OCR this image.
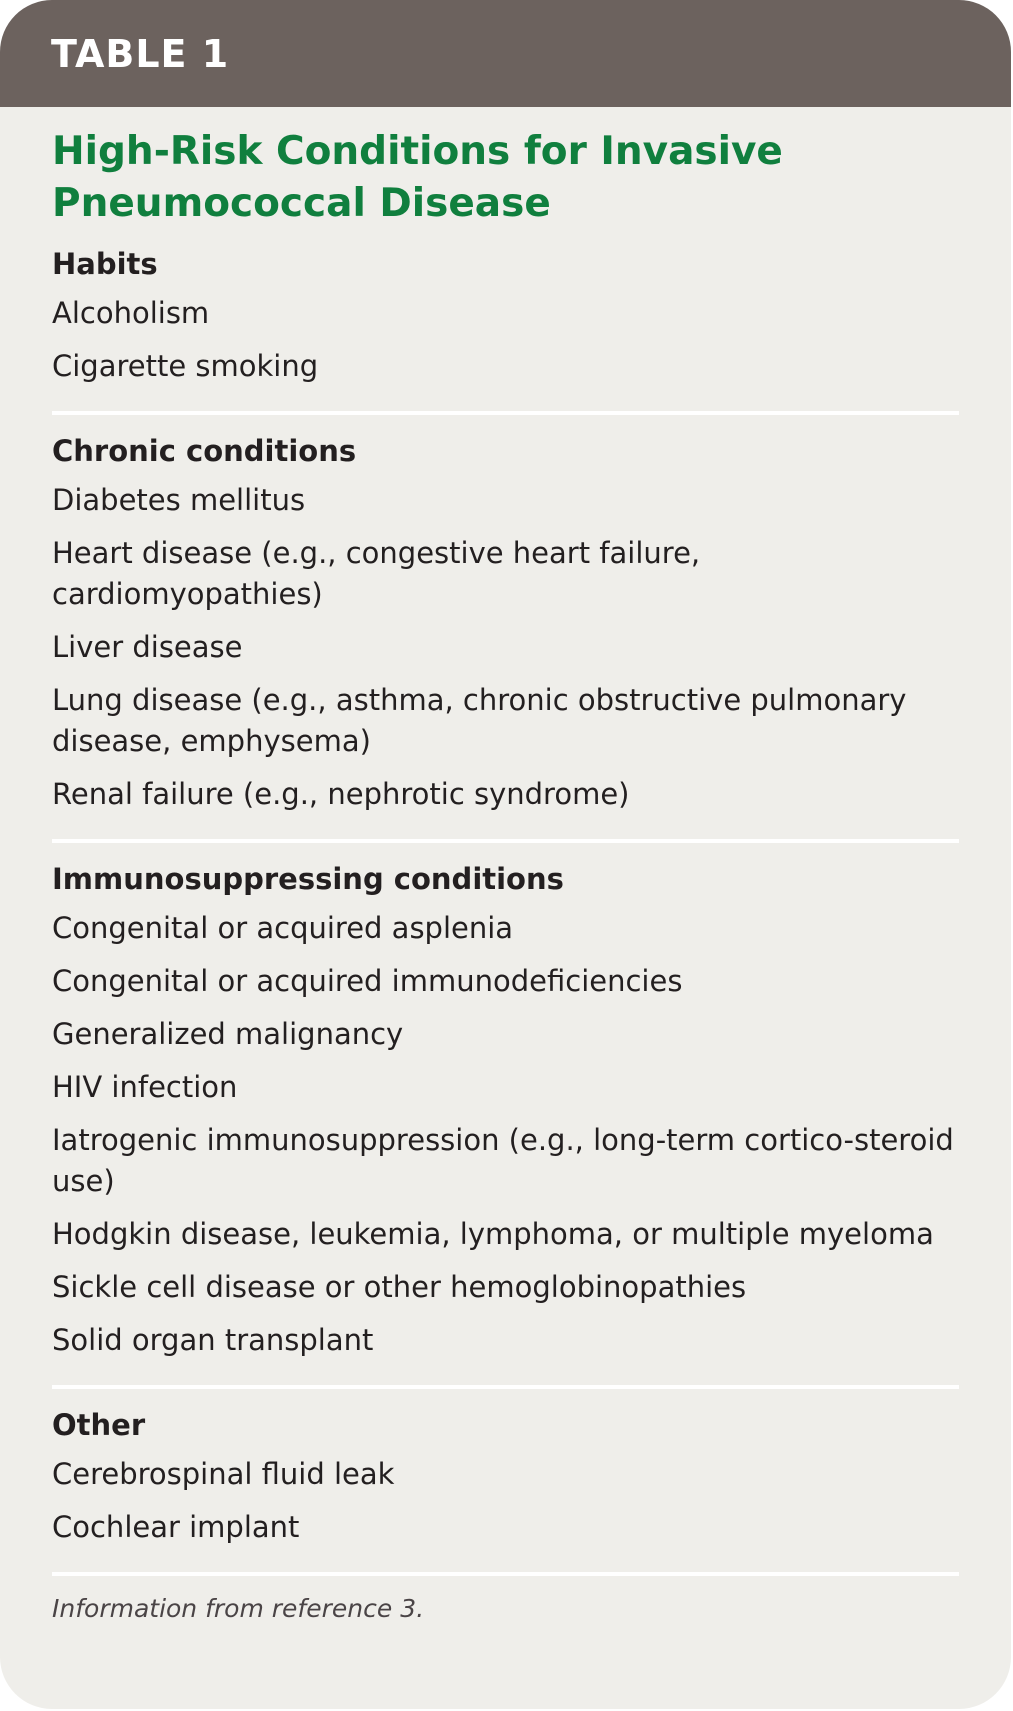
TABLE 1
High-Risk Conditions for Invasive Pneumococcal Disease
Habits
Alcoholism
Cigarette smoking
Chronic conditions
Diabetes mellitus
Heart disease (e.g., congestive heart failure, cardiomyopathies)
Liver disease
Lung disease (e.g., asthma, chronic obstructive pulmonary disease, emphysema)
Renal failure (e.g., nephrotic syndrome)
Immunosuppressing conditions
Congenital or acquired asplenia
Congenital or acquired immunodeficiencies
Generalized malignancy
HIV infection
Iatrogenic immunosuppression (e.g., long-term cortico-steroid use)
Hodgkin disease, leukemia, lymphoma, or multiple myeloma
Sickle cell disease or other hemoglobinopathies
Solid organ transplant
Other
Cerebrospinal fluid leak
Cochlear implant
Information from reference 3.
